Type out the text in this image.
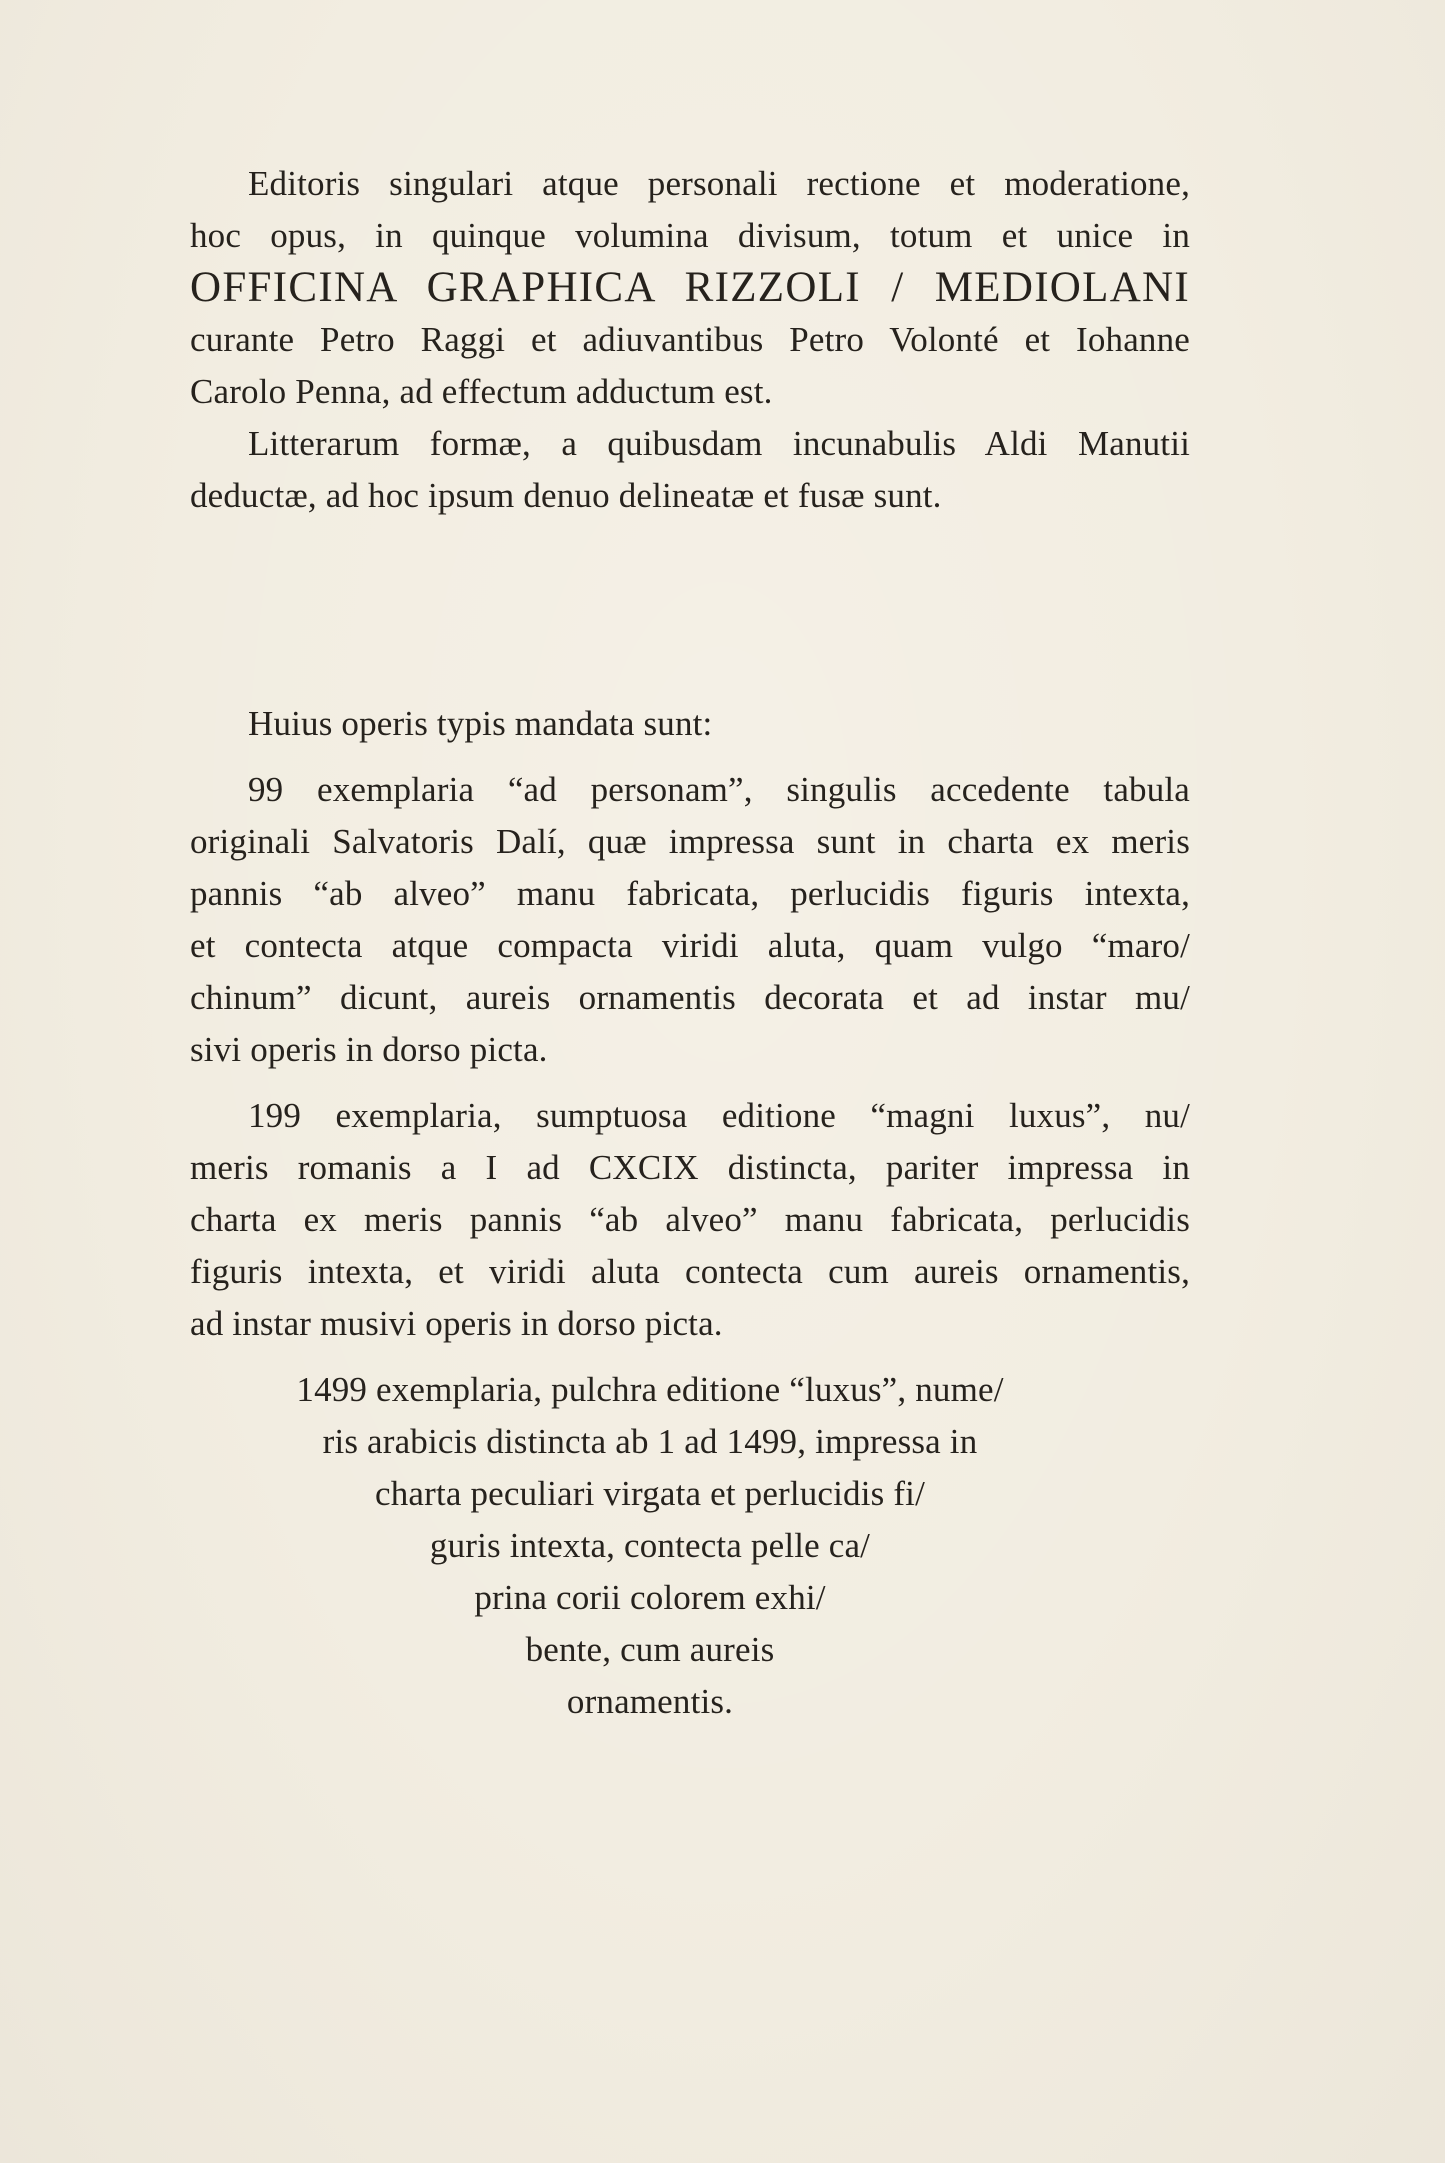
Editoris singulari atque personali rectione et moderatione,
hoc opus, in quinque volumina divisum, totum et unice in
OFFICINA GRAPHICA RIZZOLI / MEDIOLANI
curante Petro Raggi et adiuvantibus Petro Volonté et Iohanne
Carolo Penna, ad effectum adductum est.
Litterarum formæ, a quibusdam incunabulis Aldi Manutii
deductæ, ad hoc ipsum denuo delineatæ et fusæ sunt.
Huius operis typis mandata sunt:
99 exemplaria “ad personam”, singulis accedente tabula
originali Salvatoris Dalí, quæ impressa sunt in charta ex meris
pannis “ab alveo” manu fabricata, perlucidis figuris intexta,
et contecta atque compacta viridi aluta, quam vulgo “maro/
chinum” dicunt, aureis ornamentis decorata et ad instar mu/
sivi operis in dorso picta.
199 exemplaria, sumptuosa editione “magni luxus”, nu/
meris romanis a I ad CXCIX distincta, pariter impressa in
charta ex meris pannis “ab alveo” manu fabricata, perlucidis
figuris intexta, et viridi aluta contecta cum aureis ornamentis,
ad instar musivi operis in dorso picta.
1499 exemplaria, pulchra editione “luxus”, nume/
ris arabicis distincta ab 1 ad 1499, impressa in
charta peculiari virgata et perlucidis fi/
guris intexta, contecta pelle ca/
prina corii colorem exhi/
bente, cum aureis
ornamentis.
